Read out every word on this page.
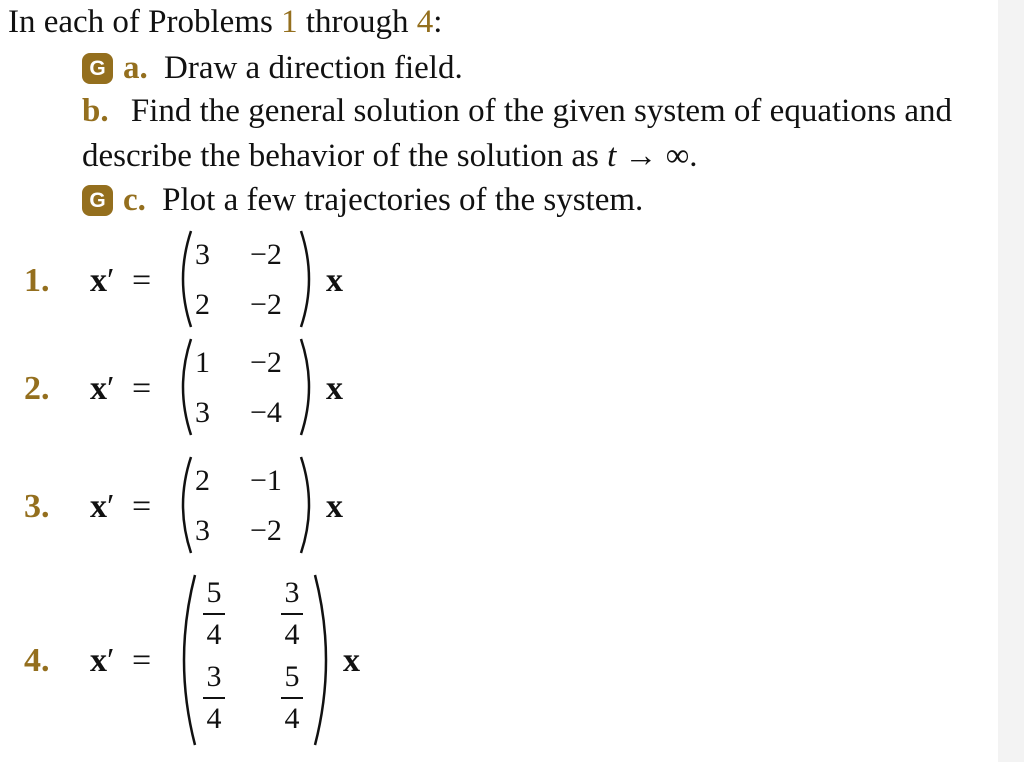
In each of Problems 1 through 4:
G a. Draw a direction field.
b. Find the general solution of the given system of equations and
describe the behavior of the solution as t → ∞.
G c. Plot a few trajectories of the system.
1. x′ =
3 −2
2 −2
x
2. x′ =
1 −2
3 −4
x
3. x′ =
2 −1
3 −2
x
4. x′ =
5
4
3
4
3
4
5
4
x
